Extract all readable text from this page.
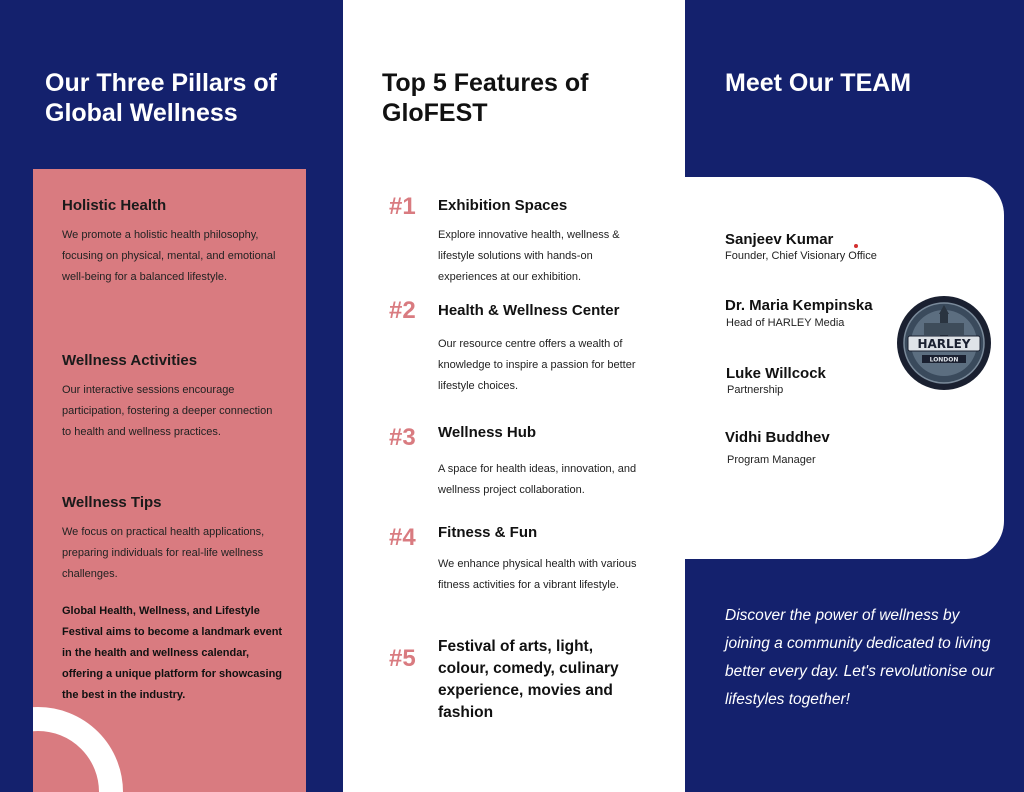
Our Three Pillars of Global Wellness
Holistic Health

We promote a holistic health philosophy, focusing on physical, mental, and emotional well-being for a balanced lifestyle.

Wellness Activities

Our interactive sessions encourage participation, fostering a deeper connection to health and wellness practices.

Wellness Tips

We focus on practical health applications, preparing individuals for real-life wellness challenges.

Global Health, Wellness, and Lifestyle Festival aims to become a landmark event in the health and wellness calendar, offering a unique platform for showcasing the best in the industry.

Top 5 Features of GloFEST
#1 Exhibition Spaces

Explore innovative health, wellness & lifestyle solutions with hands-on experiences at our exhibition.

#2 Health & Wellness Center

Our resource centre offers a wealth of knowledge to inspire a passion for better lifestyle choices.

#3 Wellness Hub

A space for health ideas, innovation, and wellness project collaboration.

#4 Fitness & Fun

We enhance physical health with various fitness activities for a vibrant lifestyle.

#5 Festival of arts, light, colour, comedy, culinary experience, movies and fashion
Meet Our TEAM
Sanjeev Kumar

Founder, Chief Visionary Office

Dr. Maria Kempinska

Head of HARLEY Media

Luke Willcock

Partnership

Vidhi Buddhev

Program Manager

HARLEY
LONDON

Discover the power of wellness by joining a community dedicated to living better every day. Let's revolutionise our lifestyles together!
